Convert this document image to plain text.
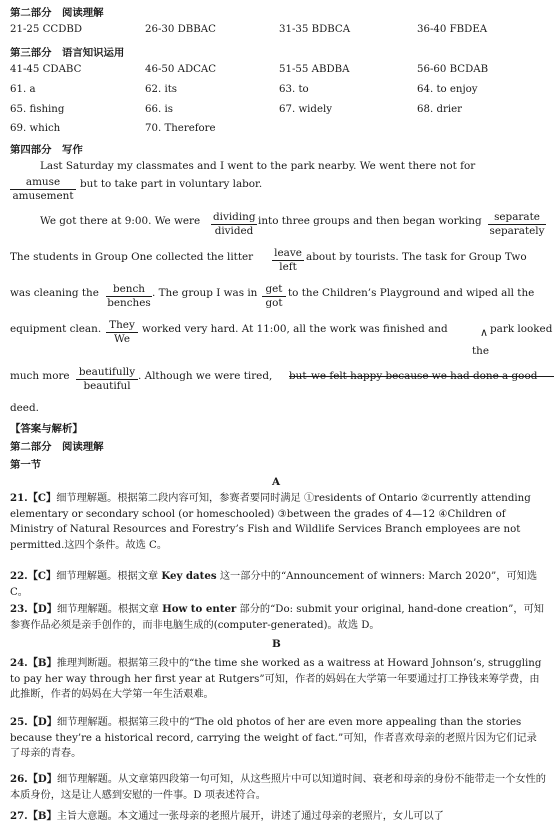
第二部分　阅读理解
21-25 CCDBD	26-30 DBBAC	31-35 BDBCA	36-40 FBDEA
第三部分　语言知识运用
41-45 CDABC	46-50 ADCAC	51-55 ABDBA	56-60 BCDAB
61. a	62. its	63. to	64. to enjoy
65. fishing	66. is	67. widely	68. drier
69. which	70. Therefore
第四部分　写作
Last Saturday my classmates and I went to the park nearby. We went there not for
amuse
amusement
but to take part in voluntary labor.
We got there at 9:00. We were dividing
divided
into three groups and then began working	separate
separately
The students in Group One collected the litter leave
left
about by tourists. The task for Group Two
was cleaning the	bench
benches
. The group I was in get
got
to the Children’s Playground and wiped all the
equipment clean. They
We
worked very hard. At 11:00, all the work was finished and	∧
the
park looked
much more beautifully
beautiful
. Although we were tired, but we felt happy because we had done a good
deed.
【答案与解析】
第二部分　阅读理解
第一节
A
21.【C】细节理解题。根据第二段内容可知，参赛者要同时满足 ①residents of Ontario ②currently attending elementary or secondary school (or homeschooled) ③between the grades of 4—12 ④Children of Ministry of Natural Resources and Forestry’s Fish and Wildlife Services Branch employees are not permitted.这四个条件。故选 C。
22.【C】细节理解题。根据文章 Key dates 这一部分中的“Announcement of winners: March 2020”，可知选 C。
23.【D】细节理解题。根据文章 How to enter 部分的“Do: submit your original, hand-done creation”，可知参赛作品必须是亲手创作的，而非电脑生成的(computer-generated)。故选 D。
B
24.【B】推理判断题。根据第三段中的“the time she worked as a waitress at Howard Johnson’s, struggling to pay her way through her first year at Rutgers”可知，作者的妈妈在大学第一年要通过打工挣钱来筹学费，由此推断，作者的妈妈在大学第一年生活艰难。
25.【D】细节理解题。根据第三段中的“The old photos of her are even more appealing than the stories because they’re a historical record, carrying the weight of fact.”可知，作者喜欢母亲的老照片因为它们记录了母亲的青春。
26.【D】细节理解题。从文章第四段第一句可知，从这些照片中可以知道时间、衰老和母亲的身份不能带走一个女性的本质身份，这是让人感到安慰的一件事。D 项表述符合。
27.【B】主旨大意题。本文通过一张母亲的老照片展开，讲述了通过母亲的老照片，女儿可以了
